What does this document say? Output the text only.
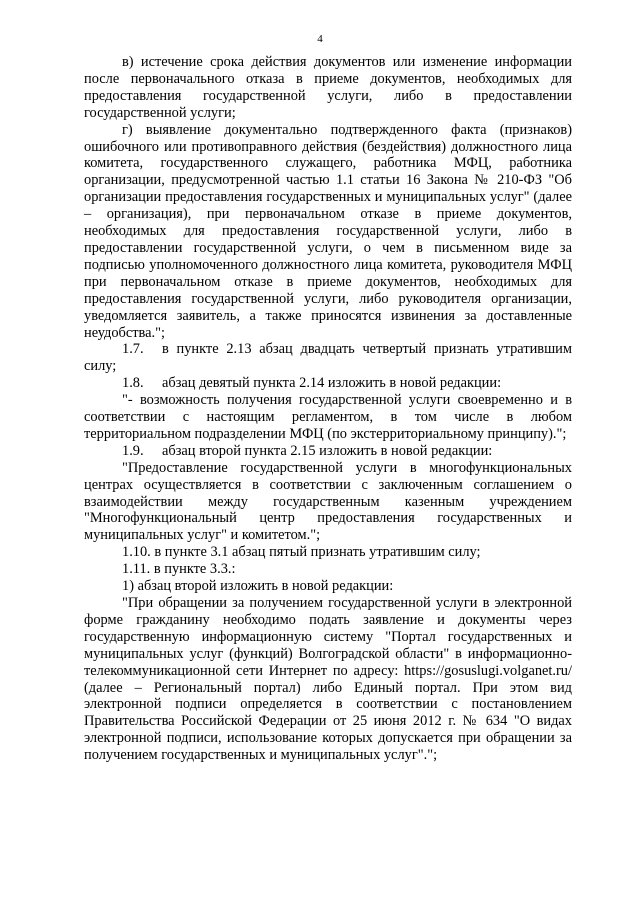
4

в) истечение срока действия документов или изменение информации после первоначального отказа в приеме документов, необходимых для предоставления государственной услуги, либо в предоставлении государственной услуги;

г) выявление документально подтвержденного факта (признаков) ошибочного или противоправного действия (бездействия) должностного лица комитета, государственного служащего, работника МФЦ, работника организации, предусмотренной частью 1.1 статьи 16 Закона № 210-ФЗ "Об организации предоставления государственных и муниципальных услуг" (далее – организация), при первоначальном отказе в приеме документов, необходимых для предоставления государственной услуги, либо в предоставлении государственной услуги, о чем в письменном виде за подписью уполномоченного должностного лица комитета, руководителя МФЦ при первоначальном отказе в приеме документов, необходимых для предоставления государственной услуги, либо руководителя организации, уведомляется заявитель, а также приносятся извинения за доставленные неудобства.";

1.7. в пункте 2.13 абзац двадцать четвертый признать утратившим силу;

1.8. абзац девятый пункта 2.14 изложить в новой редакции:

"- возможность получения государственной услуги своевременно и в соответствии с настоящим регламентом, в том числе в любом территориальном подразделении МФЦ (по экстерриториальному принципу).";

1.9. абзац второй пункта 2.15 изложить в новой редакции:

"Предоставление государственной услуги в многофункциональных центрах осуществляется в соответствии с заключенным соглашением о взаимодействии между государственным казенным учреждением "Многофункциональный центр предоставления государственных и муниципальных услуг" и комитетом.";

1.10. в пункте 3.1 абзац пятый признать утратившим силу;

1.11. в пункте 3.3.:

1) абзац второй изложить в новой редакции:

"При обращении за получением государственной услуги в электронной форме гражданину необходимо подать заявление и документы через государственную информационную систему "Портал государственных и муниципальных услуг (функций) Волгоградской области" в информационно-телекоммуникационной сети Интернет по адресу: https://gosuslugi.volganet.ru/ (далее – Региональный портал) либо Единый портал. При этом вид электронной подписи определяется в соответствии с постановлением Правительства Российской Федерации от 25 июня 2012 г. № 634 "О видах электронной подписи, использование которых допускается при обращении за получением государственных и муниципальных услуг".";
